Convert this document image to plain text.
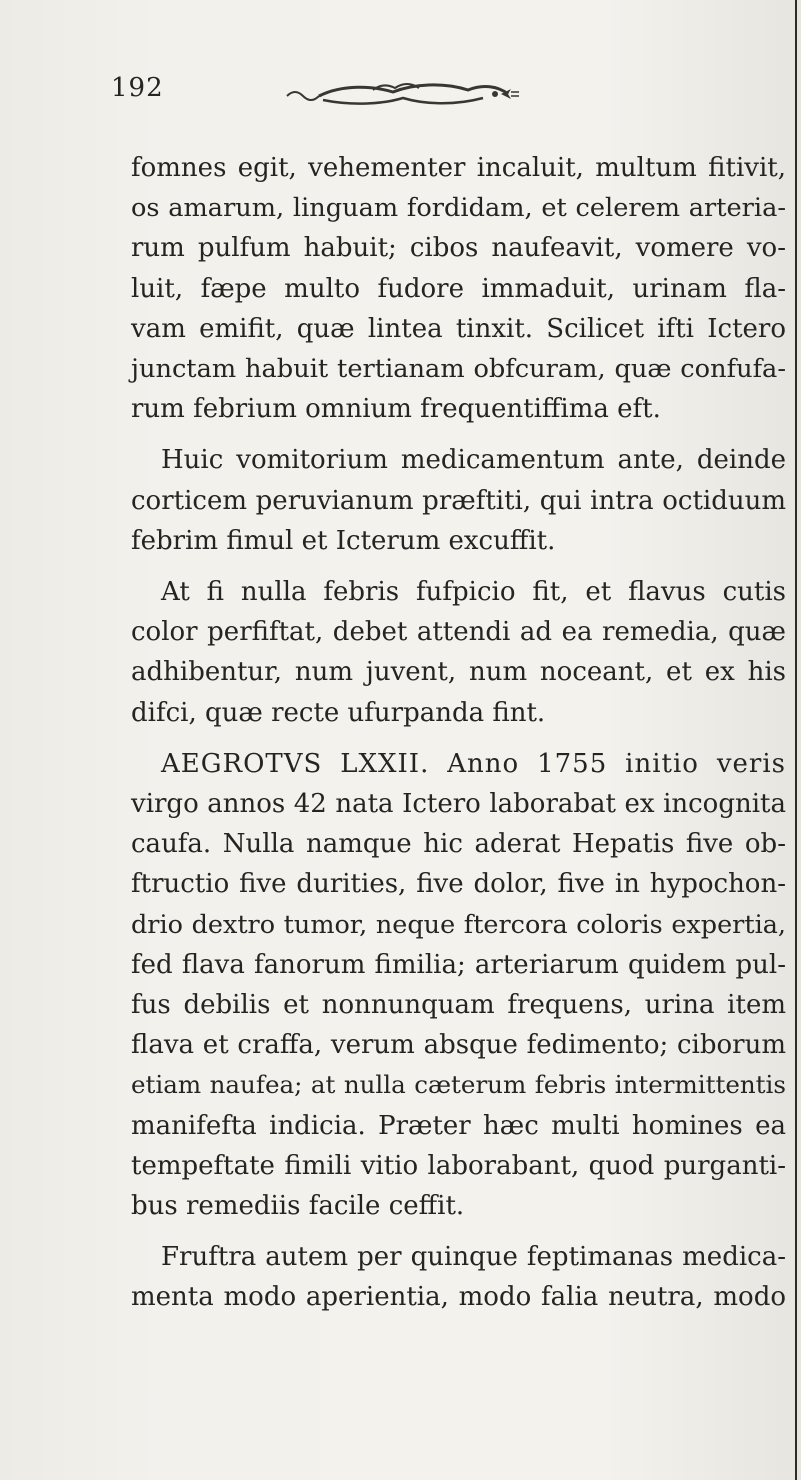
192

fomnes egit, vehementer incaluit, multum fitivit,
os amarum, linguam fordidam, et celerem arteria-
rum pulfum habuit; cibos naufeavit, vomere vo-
luit, fæpe multo fudore immaduit, urinam fla-
vam emifit, quæ lintea tinxit. Scilicet ifti Ictero
junctam habuit tertianam obfcuram, quæ confufa-
rum febrium omnium frequentiffima eft.

Huic vomitorium medicamentum ante, deinde
corticem peruvianum præftiti, qui intra octiduum
febrim fimul et Icterum excuffit.

At fi nulla febris fufpicio fit, et flavus cutis
color perfiftat, debet attendi ad ea remedia, quæ
adhibentur, num juvent, num noceant, et ex his
difci, quæ recte ufurpanda fint.

AEGROTVS LXXII. Anno 1755 initio veris
virgo annos 42 nata Ictero laborabat ex incognita
caufa. Nulla namque hic aderat Hepatis five ob-
ftructio five durities, five dolor, five in hypochon-
drio dextro tumor, neque ftercora coloris expertia,
fed flava fanorum fimilia; arteriarum quidem pul-
fus debilis et nonnunquam frequens, urina item
flava et craffa, verum absque fedimento; ciborum
etiam naufea; at nulla cæterum febris intermittentis
manifefta indicia. Præter hæc multi homines ea
tempeftate fimili vitio laborabant, quod purganti-
bus remediis facile ceffit.

Fruftra autem per quinque feptimanas medica-
menta modo aperientia, modo falia neutra, modo
